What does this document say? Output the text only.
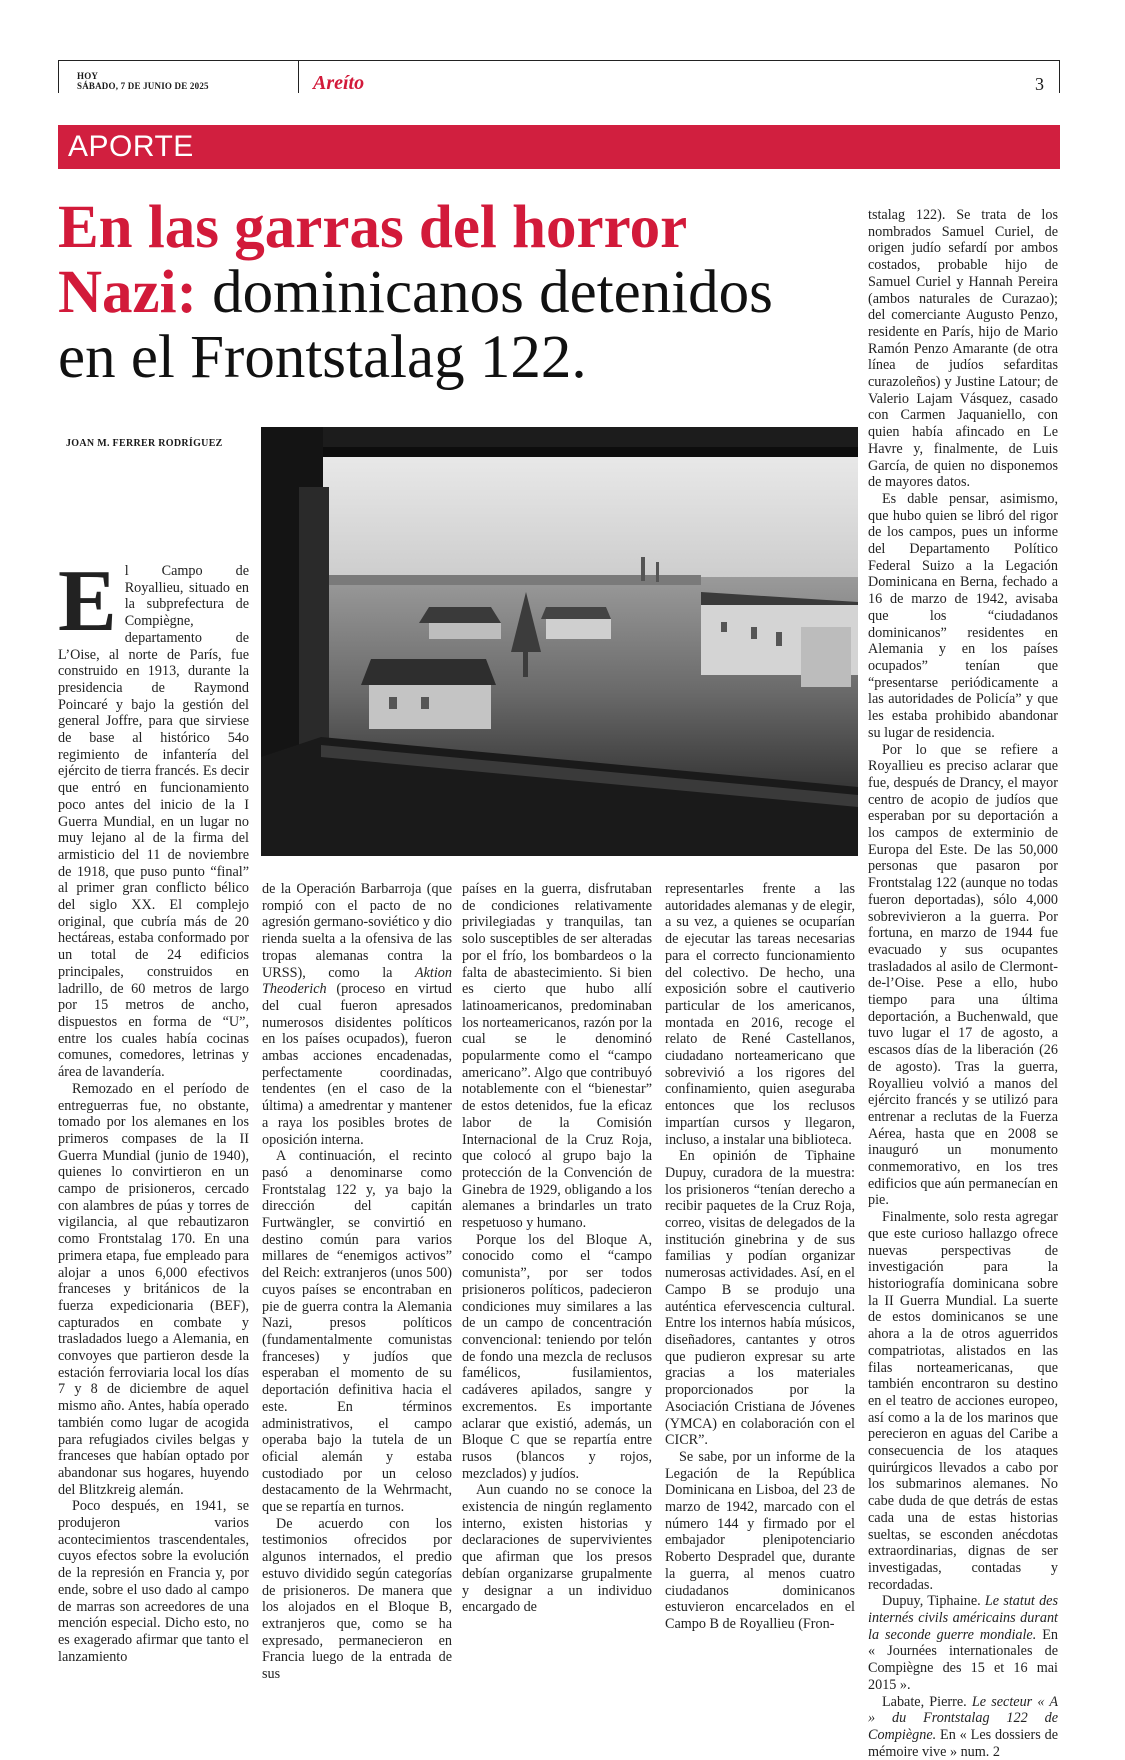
HOY
SÁBADO, 7 DE JUNIO DE 2025	Areíto	3
APORTE
En las garras del horror
Nazi: dominicanos detenidos
en el Frontstalag 122.
JOAN M. FERRER RODRÍGUEZ

El Campo de Royallieu, situado en la subprefectura de Compiègne, departamento de L’Oise, al norte de París, fue construido en 1913, durante la presidencia de Raymond Poincaré y bajo la gestión del general Joffre, para que sirviese de base al histórico 54o regimiento de infantería del ejército de tierra francés. Es decir que entró en funcionamiento poco antes del inicio de la I Guerra Mundial, en un lugar no muy lejano al de la firma del armisticio del 11 de noviembre de 1918, que puso punto “final” al primer gran conflicto bélico del siglo XX. El complejo original, que cubría más de 20 hectáreas, estaba conformado por un total de 24 edificios principales, construidos en ladrillo, de 60 metros de largo por 15 metros de ancho, dispuestos en forma de “U”, entre los cuales había cocinas comunes, comedores, letrinas y área de lavandería.

Remozado en el período de entreguerras fue, no obstante, tomado por los alemanes en los primeros compases de la II Guerra Mundial (junio de 1940), quienes lo convirtieron en un campo de prisioneros, cercado con alambres de púas y torres de vigilancia, al que rebautizaron como Frontstalag 170. En una primera etapa, fue empleado para alojar a unos 6,000 efectivos franceses y británicos de la fuerza expedicionaria (BEF), capturados en combate y trasladados luego a Alemania, en convoyes que partieron desde la estación ferroviaria local los días 7 y 8 de diciembre de aquel mismo año. Antes, había operado también como lugar de acogida para refugiados civiles belgas y franceses que habían optado por abandonar sus hogares, huyendo del Blitzkreig alemán.

Poco después, en 1941, se produjeron varios acontecimientos trascendentales, cuyos efectos sobre la evolución de la represión en Francia y, por ende, sobre el uso dado al campo de marras son acreedores de una mención especial. Dicho esto, no es exagerado afirmar que tanto el lanzamiento

de la Operación Barbarroja (que rompió con el pacto de no agresión germano-soviético y dio rienda suelta a la ofensiva de las tropas alemanas contra la URSS), como la Aktion Theoderich (proceso en virtud del cual fueron apresados numerosos disidentes políticos en los países ocupados), fueron ambas acciones encadenadas, perfectamente coordinadas, tendentes (en el caso de la última) a amedrentar y mantener a raya los posibles brotes de oposición interna.

A continuación, el recinto pasó a denominarse como Frontstalag 122 y, ya bajo la dirección del capitán Furtwängler, se convirtió en destino común para varios millares de “enemigos activos” del Reich: extranjeros (unos 500) cuyos países se encontraban en pie de guerra contra la Alemania Nazi, presos políticos (fundamentalmente comunistas franceses) y judíos que esperaban el momento de su deportación definitiva hacia el este. En términos administrativos, el campo operaba bajo la tutela de un oficial alemán y estaba custodiado por un celoso destacamento de la Wehrmacht, que se repartía en turnos.

De acuerdo con los testimonios ofrecidos por algunos internados, el predio estuvo dividido según categorías de prisioneros. De manera que los alojados en el Bloque B, extranjeros que, como se ha expresado, permanecieron en Francia luego de la entrada de sus

países en la guerra, disfrutaban de condiciones relativamente privilegiadas y tranquilas, tan solo susceptibles de ser alteradas por el frío, los bombardeos o la falta de abastecimiento. Si bien es cierto que hubo allí latinoamericanos, predominaban los norteamericanos, razón por la cual se le denominó popularmente como el “campo americano”. Algo que contribuyó notablemente con el “bienestar” de estos detenidos, fue la eficaz labor de la Comisión Internacional de la Cruz Roja, que colocó al grupo bajo la protección de la Convención de Ginebra de 1929, obligando a los alemanes a brindarles un trato respetuoso y humano.

Porque los del Bloque A, conocido como el “campo comunista”, por ser todos prisioneros políticos, padecieron condiciones muy similares a las de un campo de concentración convencional: teniendo por telón de fondo una mezcla de reclusos famélicos, fusilamientos, cadáveres apilados, sangre y excrementos. Es importante aclarar que existió, además, un Bloque C que se repartía entre rusos (blancos y rojos, mezclados) y judíos.

Aun cuando no se conoce la existencia de ningún reglamento interno, existen historias y declaraciones de supervivientes que afirman que los presos debían organizarse grupalmente y designar a un individuo encargado de

representarles frente a las autoridades alemanas y de elegir, a su vez, a quienes se ocuparían de ejecutar las tareas necesarias para el correcto funcionamiento del colectivo. De hecho, una exposición sobre el cautiverio particular de los americanos, montada en 2016, recoge el relato de René Castellanos, ciudadano norteamericano que sobrevivió a los rigores del confinamiento, quien aseguraba entonces que los reclusos impartían cursos y llegaron, incluso, a instalar una biblioteca.

En opinión de Tiphaine Dupuy, curadora de la muestra: los prisioneros “tenían derecho a recibir paquetes de la Cruz Roja, correo, visitas de delegados de la institución ginebrina y de sus familias y podían organizar numerosas actividades. Así, en el Campo B se produjo una auténtica efervescencia cultural. Entre los internos había músicos, diseñadores, cantantes y otros que pudieron expresar su arte gracias a los materiales proporcionados por la Asociación Cristiana de Jóvenes (YMCA) en colaboración con el CICR”.

Se sabe, por un informe de la Legación de la República Dominicana en Lisboa, del 23 de marzo de 1942, marcado con el número 144 y firmado por el embajador plenipotenciario Roberto Despradel que, durante la guerra, al menos cuatro ciudadanos dominicanos estuvieron encarcelados en el Campo B de Royallieu (Fron-

tstalag 122). Se trata de los nombrados Samuel Curiel, de origen judío sefardí por ambos costados, probable hijo de Samuel Curiel y Hannah Pereira (ambos naturales de Curazao); del comerciante Augusto Penzo, residente en París, hijo de Mario Ramón Penzo Amarante (de otra línea de judíos sefarditas curazoleños) y Justine Latour; de Valerio Lajam Vásquez, casado con Carmen Jaquaniello, con quien había afincado en Le Havre y, finalmente, de Luis García, de quien no disponemos de mayores datos.

Es dable pensar, asimismo, que hubo quien se libró del rigor de los campos, pues un informe del Departamento Político Federal Suizo a la Legación Dominicana en Berna, fechado a 16 de marzo de 1942, avisaba que los “ciudadanos dominicanos” residentes en Alemania y en los países ocupados” tenían que “presentarse periódicamente a las autoridades de Policía” y que les estaba prohibido abandonar su lugar de residencia.

Por lo que se refiere a Royallieu es preciso aclarar que fue, después de Drancy, el mayor centro de acopio de judíos que esperaban por su deportación a los campos de exterminio de Europa del Este. De las 50,000 personas que pasaron por Frontstalag 122 (aunque no todas fueron deportadas), sólo 4,000 sobrevivieron a la guerra. Por fortuna, en marzo de 1944 fue evacuado y sus ocupantes trasladados al asilo de Clermont-de-l’Oise. Pese a ello, hubo tiempo para una última deportación, a Buchenwald, que tuvo lugar el 17 de agosto, a escasos días de la liberación (26 de agosto). Tras la guerra, Royallieu volvió a manos del ejército francés y se utilizó para entrenar a reclutas de la Fuerza Aérea, hasta que en 2008 se inauguró un monumento conmemorativo, en los tres edificios que aún permanecían en pie.

Finalmente, solo resta agregar que este curioso hallazgo ofrece nuevas perspectivas de investigación para la historiografía dominicana sobre la II Guerra Mundial. La suerte de estos dominicanos se une ahora a la de otros aguerridos compatriotas, alistados en las filas norteamericanas, que también encontraron su destino en el teatro de acciones europeo, así como a la de los marinos que perecieron en aguas del Caribe a consecuencia de los ataques quirúrgicos llevados a cabo por los submarinos alemanes. No cabe duda de que detrás de estas cada una de estas historias sueltas, se esconden anécdotas extraordinarias, dignas de ser investigadas, contadas y recordadas.

Dupuy, Tiphaine. Le statut des internés civils américains durant la seconde guerre mondiale. En « Journées internationales de Compiègne des 15 et 16 mai 2015 ».

Labate, Pierre. Le secteur « A » du Frontstalag 122 de Compiègne. En « Les dossiers de mémoire vive » num. 2
